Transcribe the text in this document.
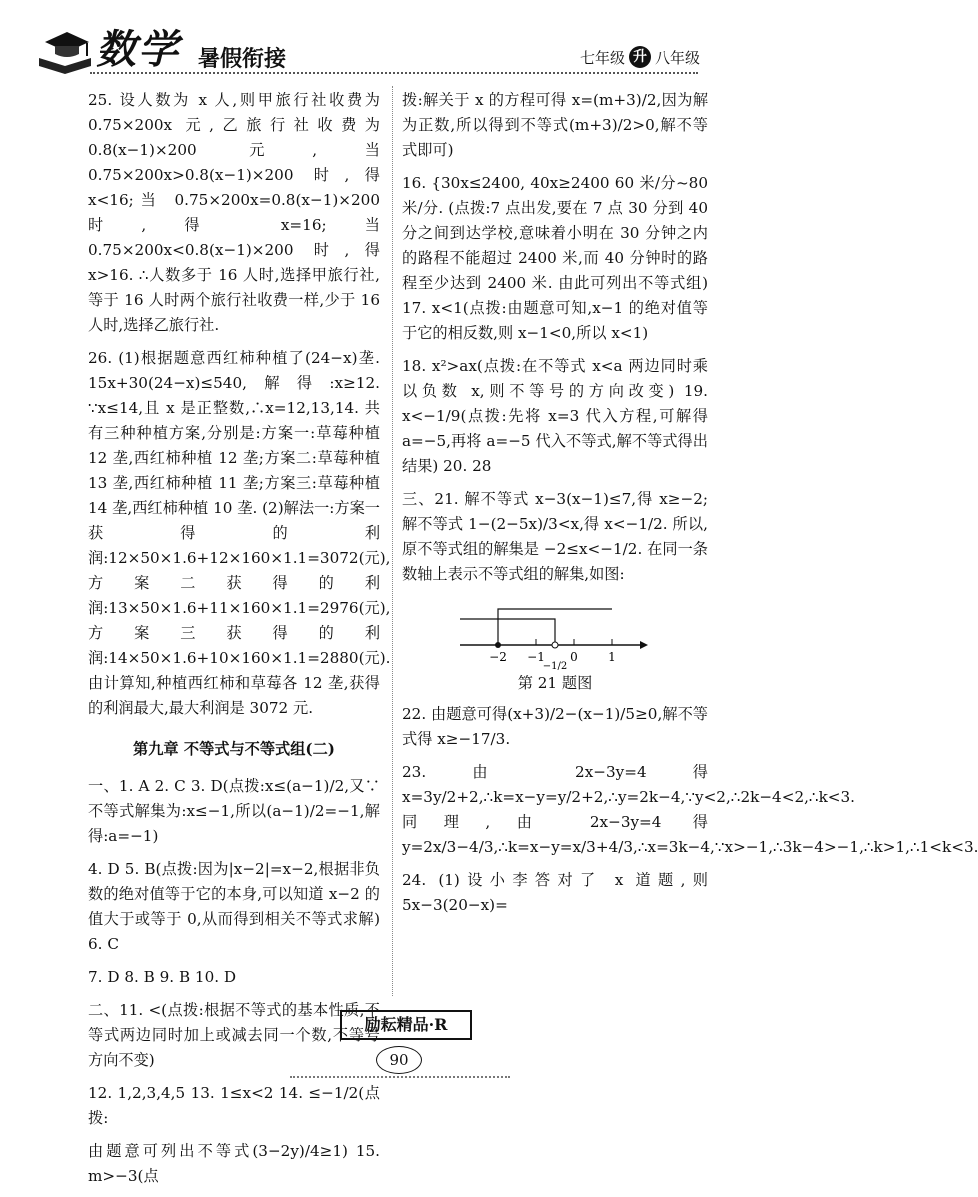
数学 暑假衔接	七年级 升 八年级

25. 设人数为 x 人,则甲旅行社收费为 0.75×200x 元,乙旅行社收费为 0.8(x−1)×200 元,当 0.75×200x>0.8(x−1)×200 时,得 x<16;当 0.75×200x=0.8(x−1)×200 时,得 x=16;当 0.75×200x<0.8(x−1)×200 时,得 x>16. ∴人数多于 16 人时,选择甲旅行社,等于 16 人时两个旅行社收费一样,少于 16 人时,选择乙旅行社.

26. (1)根据题意西红柿种植了(24−x)垄. 15x+30(24−x)≤540,解得:x≥12. ∵x≤14,且 x 是正整数,∴x=12,13,14. 共有三种种植方案,分别是:方案一:草莓种植 12 垄,西红柿种植 12 垄;方案二:草莓种植 13 垄,西红柿种植 11 垄;方案三:草莓种植 14 垄,西红柿种植 10 垄. (2)解法一:方案一获得的利润:12×50×1.6+12×160×1.1=3072(元),方案二获得的利润:13×50×1.6+11×160×1.1=2976(元),方案三获得的利润:14×50×1.6+10×160×1.1=2880(元). 由计算知,种植西红柿和草莓各 12 垄,获得的利润最大,最大利润是 3072 元.

第九章 不等式与不等式组(二)

一、1. A 2. C 3. D(点拨:x≤(a−1)/2,又∵不等式解集为:x≤−1,所以(a−1)/2=−1,解得:a=−1)

4. D 5. B(点拨:因为|x−2|=x−2,根据非负数的绝对值等于它的本身,可以知道 x−2 的值大于或等于 0,从而得到相关不等式求解) 6. C

7. D 8. B 9. B 10. D

二、11. <(点拨:根据不等式的基本性质,不等式两边同时加上或减去同一个数,不等号方向不变)

12. 1,2,3,4,5 13. 1≤x<2 14. ≤−1/2(点拨:

由题意可列出不等式(3−2y)/4≥1) 15. m>−3(点

拨:解关于 x 的方程可得 x=(m+3)/2,因为解为正数,所以得到不等式(m+3)/2>0,解不等式即可)

16. {30x≤2400, 40x≥2400 60 米/分~80 米/分. (点拨:7 点出发,要在 7 点 30 分到 40 分之间到达学校,意味着小明在 30 分钟之内的路程不能超过 2400 米,而 40 分钟时的路程至少达到 2400 米. 由此可列出不等式组) 17. x<1(点拨:由题意可知,x−1 的绝对值等于它的相反数,则 x−1<0,所以 x<1)

18. x²>ax(点拨:在不等式 x<a 两边同时乘以负数 x,则不等号的方向改变) 19. x<−1/9(点拨:先将 x=3 代入方程,可解得 a=−5,再将 a=−5 代入不等式,解不等式得出结果) 20. 28

三、21. 解不等式 x−3(x−1)≤7,得 x≥−2;解不等式 1−(2−5x)/3<x,得 x<−1/2. 所以,原不等式组的解集是 −2≤x<−1/2. 在同一条数轴上表示不等式组的解集,如图:

−2 −1
−1/2
0	1
第 21 题图

22. 由题意可得(x+3)/2−(x−1)/5≥0,解不等式得 x≥−17/3.

23. 由 2x−3y=4 得 x=3y/2+2,∴k=x−y=y/2+2,∴y=2k−4,∵y<2,∴2k−4<2,∴k<3. 同理,由 2x−3y=4 得 y=2x/3−4/3,∴k=x−y=x/3+4/3,∴x=3k−4,∵x>−1,∴3k−4>−1,∴k>1,∴1<k<3.

24. (1)设小李答对了 x 道题,则 5x−3(20−x)=

励耘精品·R
90
